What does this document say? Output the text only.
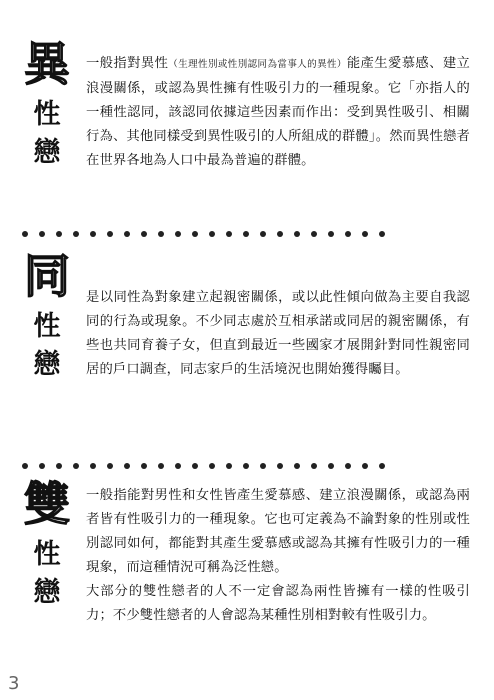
異
性
戀
一般指對異性（生理性別或性別認同為當事人的異性）能產生愛慕感、建立浪漫關係，或認為異性擁有性吸引力的一種現象。它「亦指人的一種性認同，該認同依據這些因素而作出：受到異性吸引、相關行為、其他同樣受到異性吸引的人所組成的群體」。然而異性戀者在世界各地為人口中最為普遍的群體。
同
性
戀
是以同性為對象建立起親密關係，或以此性傾向做為主要自我認同的行為或現象。不少同志處於互相承諾或同居的親密關係，有些也共同育養子女，但直到最近一些國家才展開針對同性親密同居的戶口調查，同志家戶的生活境況也開始獲得矚目。
雙
性
戀
一般指能對男性和女性皆產生愛慕感、建立浪漫關係，或認為兩者皆有性吸引力的一種現象。它也可定義為不論對象的性別或性別認同如何，都能對其產生愛慕感或認為其擁有性吸引力的一種現象，而這種情況可稱為泛性戀。
大部分的雙性戀者的人不一定會認為兩性皆擁有一樣的性吸引力；不少雙性戀者的人會認為某種性別相對較有性吸引力。
3
